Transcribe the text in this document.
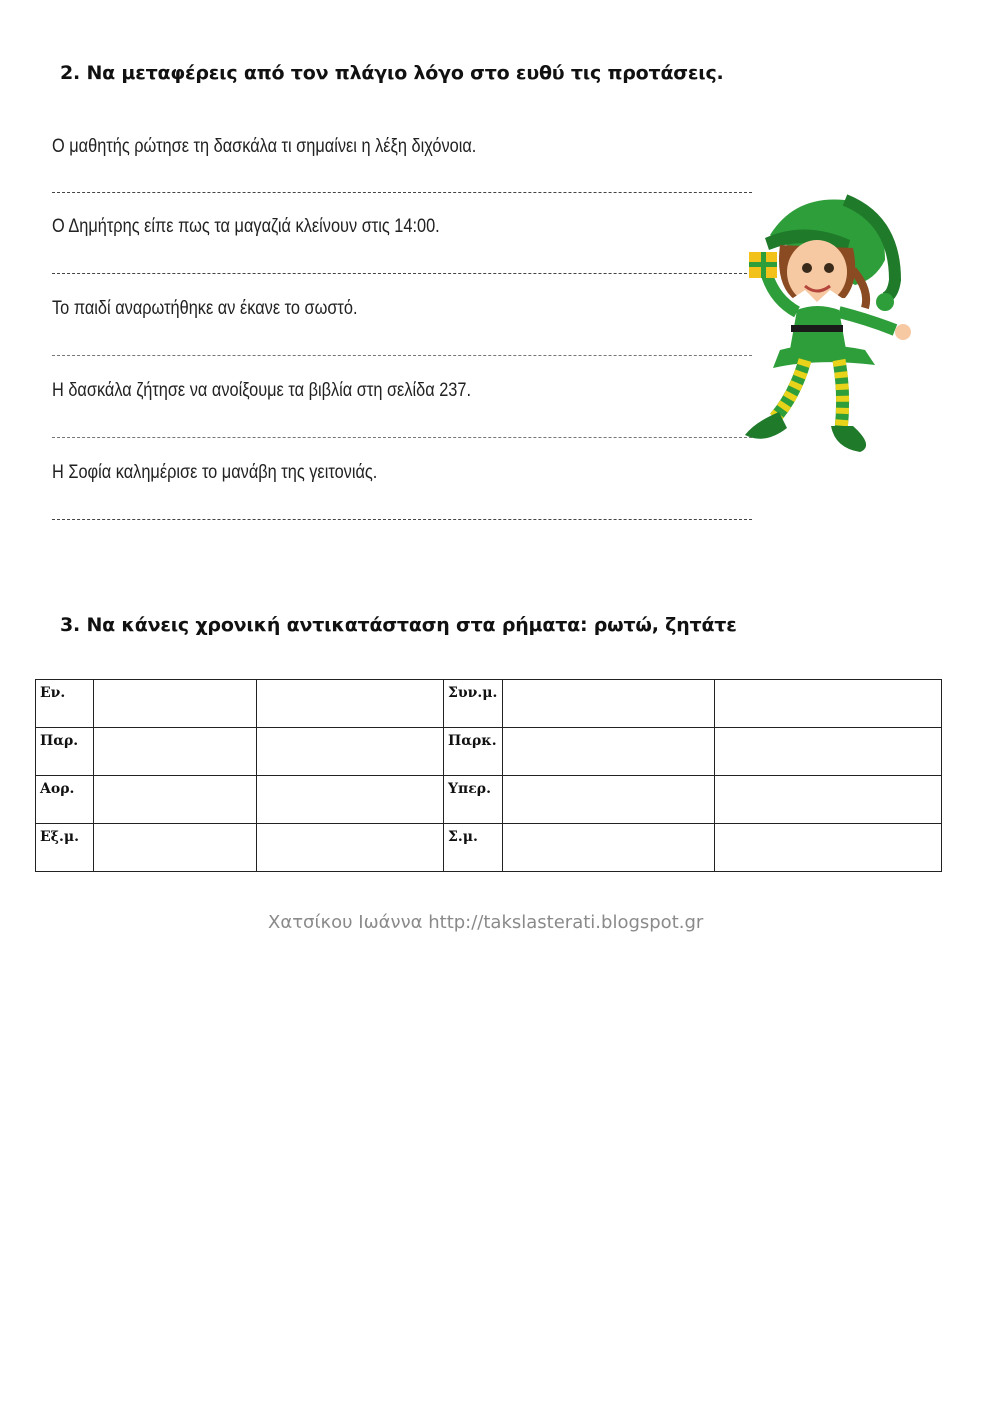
2. Να μεταφέρεις από τον πλάγιο λόγο στο ευθύ τις προτάσεις.
Ο μαθητής ρώτησε τη δασκάλα τι σημαίνει η λέξη διχόνοια.
Ο Δημήτρης είπε πως τα μαγαζιά κλείνουν στις 14:00.
Το παιδί αναρωτήθηκε αν έκανε το σωστό.
Η δασκάλα ζήτησε να ανοίξουμε τα βιβλία στη σελίδα 237.
Η Σοφία καλημέρισε το μανάβη της γειτονιάς.
3. Να κάνεις χρονική αντικατάσταση στα ρήματα: ρωτώ, ζητάτε
Εν.			Συν.μ.		
Παρ.			Παρκ.		
Αορ.			Υπερ.		
Εξ.μ.			Σ.μ.		
Χατσίκου Ιωάννα http://takslasterati.blogspot.gr
